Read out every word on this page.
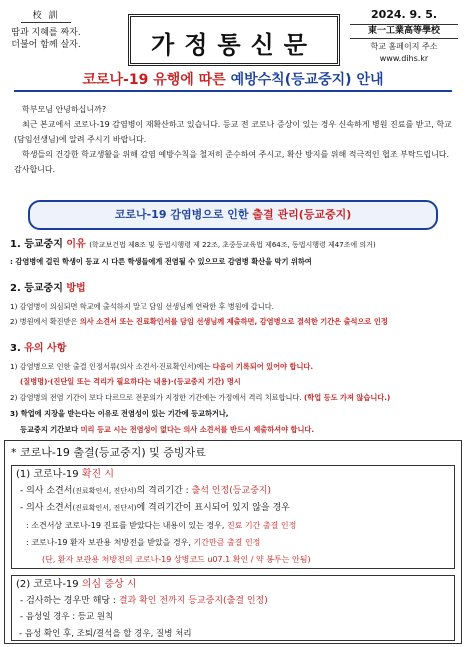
校 訓
땀과 지혜를 짜자.
더불어 함께 살자.	가정통신문
2024. 9. 5.
東一工業高等學校
학교 홈페이지 주소 www.dihs.kr
코로나-19 유행에 따른 예방수칙(등교중지) 안내

학부모님 안녕하십니까?

최근 본교에서 코로나-19 감염병이 재확산하고 있습니다. 등교 전 코로나 증상이 있는 경우 신속하게 병원 진료를 받고, 학교(담임선생님)에 알려 주시기 바랍니다.

학생들의 건강한 학교생활을 위해 감염 예방수칙을 철저히 준수하여 주시고, 확산 방지를 위해 적극적인 협조 부탁드립니다. 감사합니다.

코로나-19 감염병으로 인한 출결 관리(등교중지)
1. 등교중지 이유 (학교보건법 제8조 및 동법시행령 제 22조, 초중등교육법 제64조, 동법시행령 제47조에 의거)
: 감염병에 걸린 학생이 등교 시 다른 학생들에게 전염될 수 있으므로 감염병 확산을 막기 위하여
2. 등교중지 방법
1) 감염병이 의심되면 학교에 출석하지 말고 담임 선생님께 연락한 후 병원에 갑니다.
2) 병원에서 확진받은 의사 소견서 또는 진료확인서를 담임 선생님께 제출하면, 감염병으로 결석한 기간은 출석으로 인정
3. 유의 사항
1) 감염병으로 인한 출결 인정서류(의사 소견서·진료확인서)에는 다음이 기록되어 있어야 합니다.
(질병명)·(진단일 또는 격리가 필요하다는 내용)·(등교중지 기간) 명시
2) 감염병의 전염 기간이 보다 다르므로 전문의가 지정한 기간에는 가정에서 격리 치료합니다. (학업 등도 가져 않습니다.)
3) 학업에 지장을 받는다는 이유로 전염성이 있는 기간에 등교하거나,
등교중지 기간보다 미리 등교 시는 전염성이 없다는 의사 소견서를 반드시 제출하셔야 합니다.
* 코로나-19 출결(등교중지) 및 증빙자료
(1) 코로나-19 확진 시
- 의사 소견서(진료확인서, 진단서)의 격리기간 : 출석 인정(등교중지)
- 의사 소견서(진료확인서, 진단서)에 격리기간이 표시되어 있지 않을 경우
: 소견서상 코로나-19 진료를 받았다는 내용이 있는 경우, 진료 기간 출결 인정
: 코로나-19 환자 보관용 처방전을 받았을 경우, 기간만큼 출결 인정
(단, 환자 보관용 처방전의 코로나-19 상병코드 u07.1 확인 / 약 봉투는 안됨)
(2) 코로나-19 의심 증상 시
- 검사하는 경우만 해당 : 결과 확인 전까지 등교중지(출결 인정)
- 음성일 경우 : 등교 원칙
- 음성 확인 후, 조퇴/결석을 할 경우, 질병 처리
